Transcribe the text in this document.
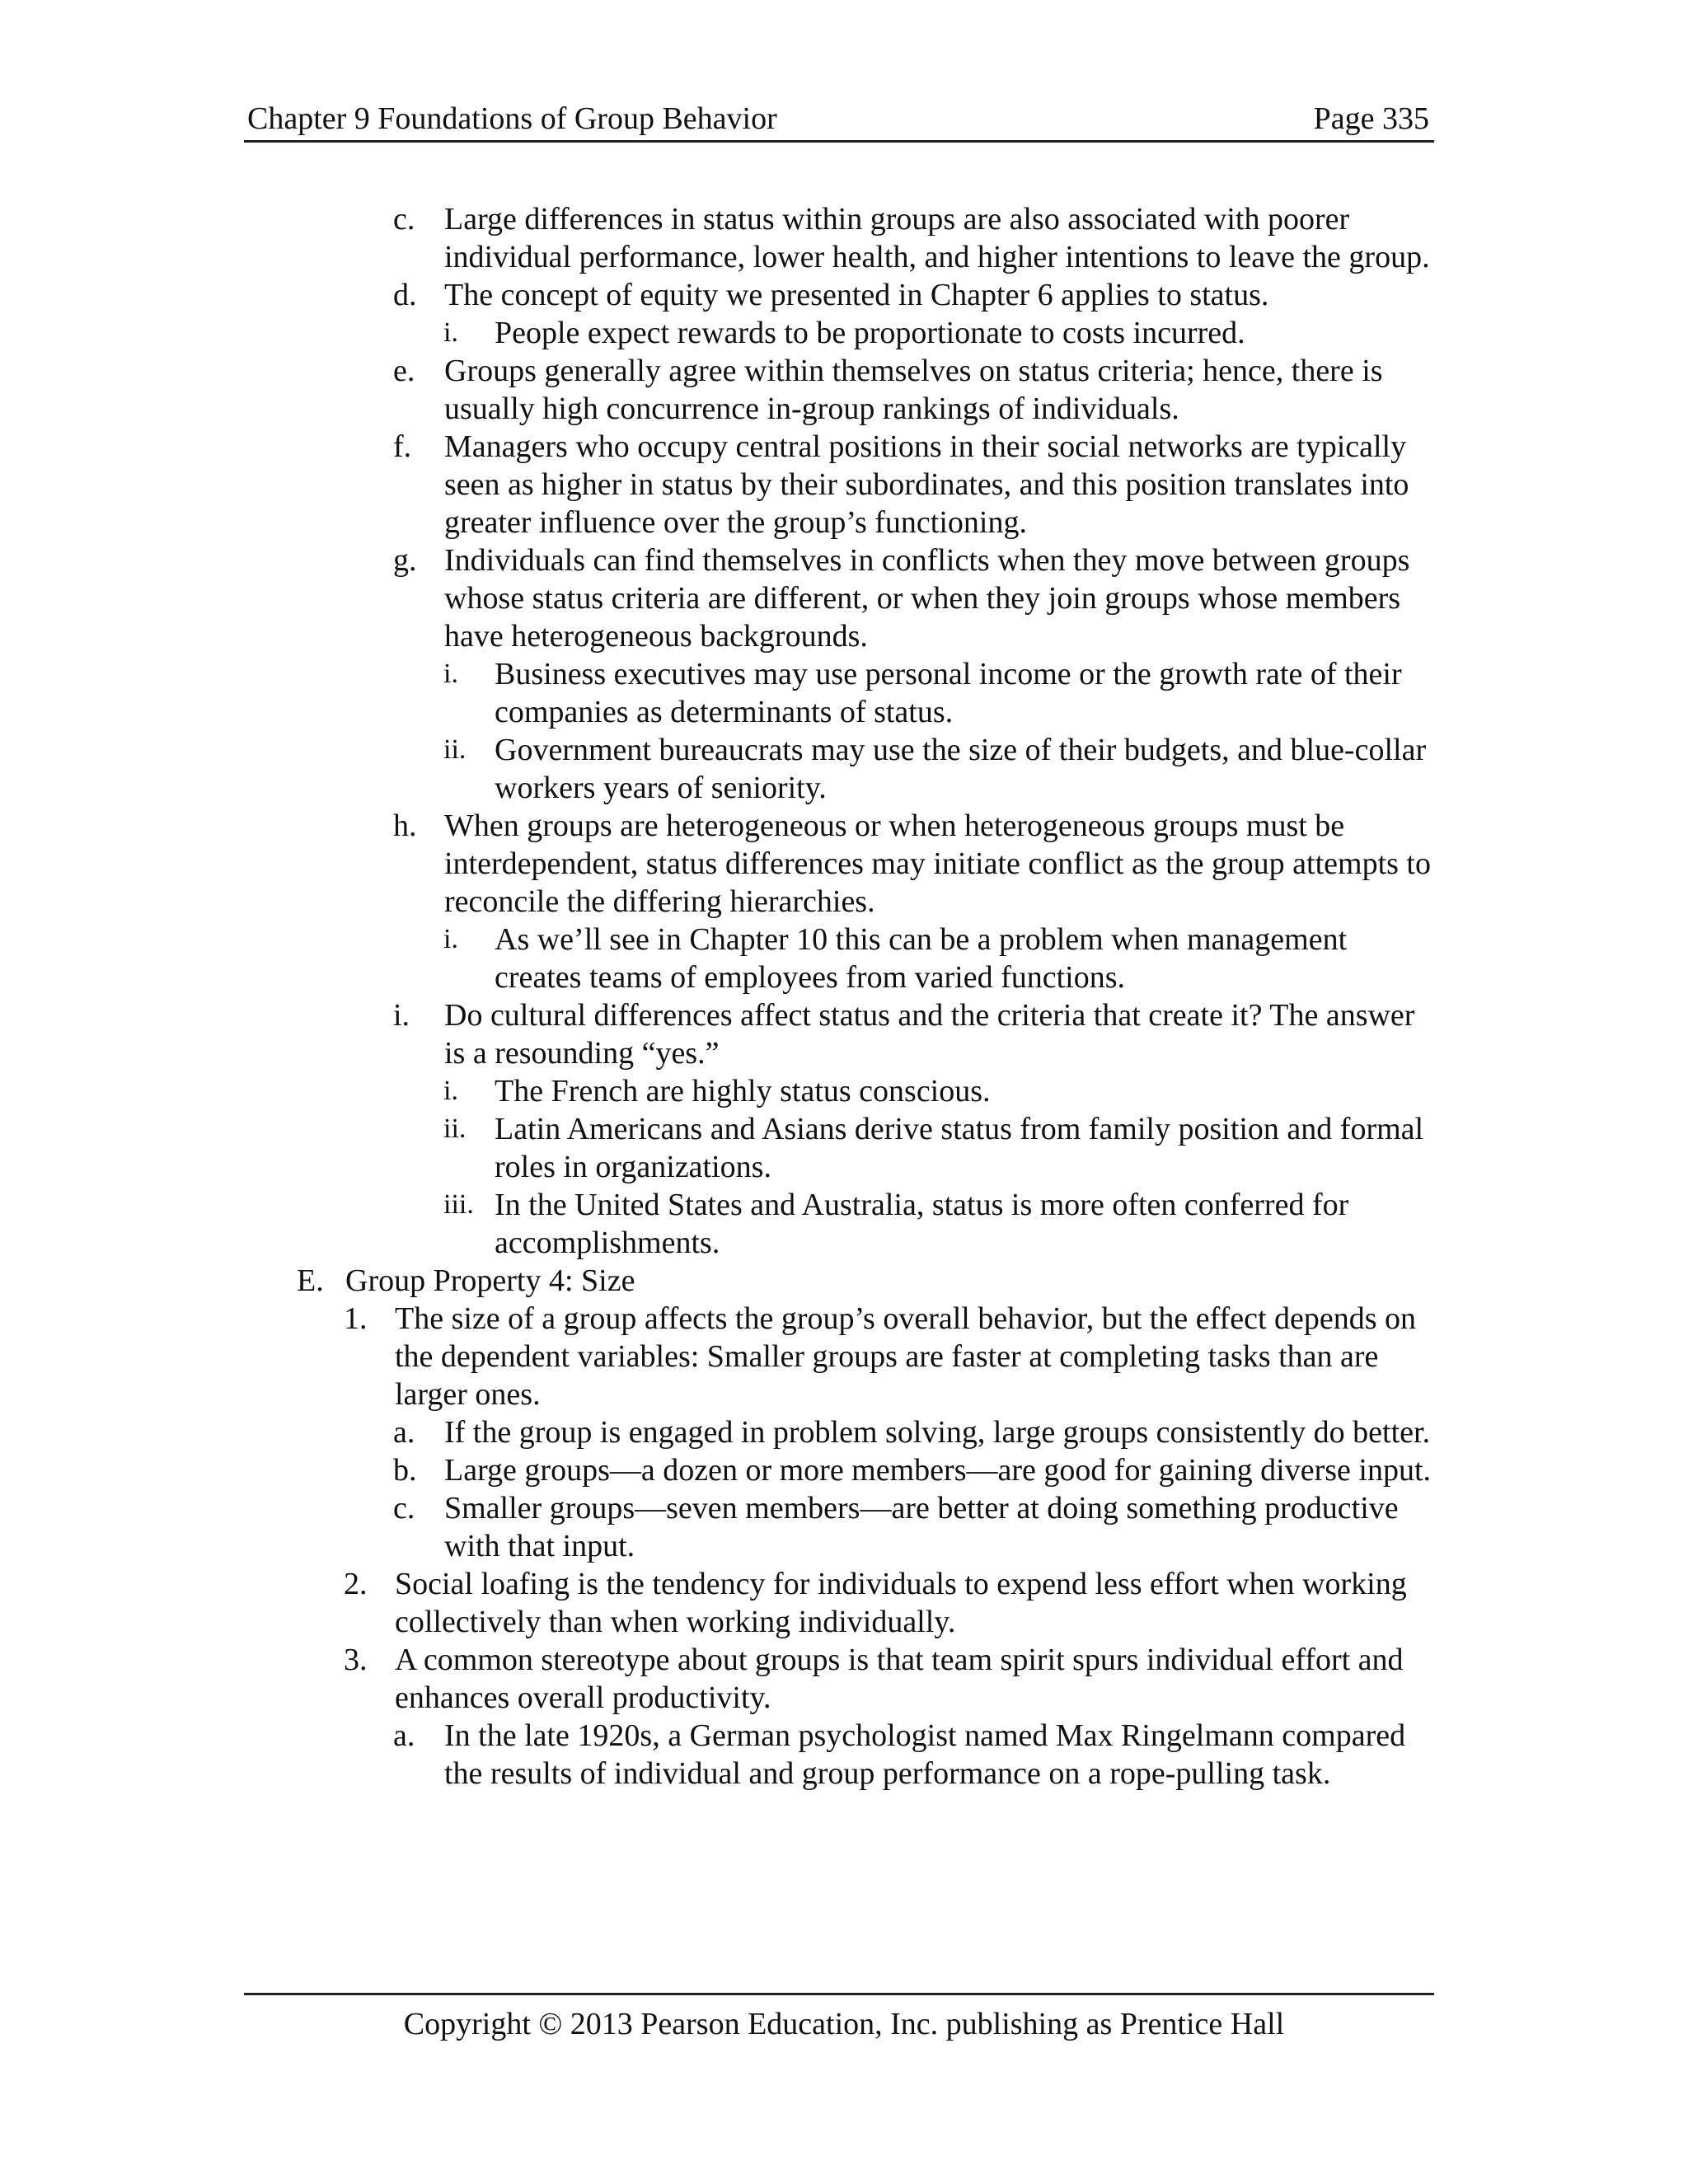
Chapter 9 Foundations of Group Behavior	Page 335
c. Large differences in status within groups are also associated with poorer individual performance, lower health, and higher intentions to leave the group.
d. The concept of equity we presented in Chapter 6 applies to status.
i. People expect rewards to be proportionate to costs incurred.
e. Groups generally agree within themselves on status criteria; hence, there is usually high concurrence in-group rankings of individuals.
f. Managers who occupy central positions in their social networks are typically seen as higher in status by their subordinates, and this position translates into greater influence over the group’s functioning.
g. Individuals can find themselves in conflicts when they move between groups whose status criteria are different, or when they join groups whose members have heterogeneous backgrounds.
i. Business executives may use personal income or the growth rate of their companies as determinants of status.
ii. Government bureaucrats may use the size of their budgets, and blue-collar workers years of seniority.
h. When groups are heterogeneous or when heterogeneous groups must be interdependent, status differences may initiate conflict as the group attempts to reconcile the differing hierarchies.
i. As we’ll see in Chapter 10 this can be a problem when management creates teams of employees from varied functions.
i. Do cultural differences affect status and the criteria that create it? The answer is a resounding “yes.”
i. The French are highly status conscious.
ii. Latin Americans and Asians derive status from family position and formal roles in organizations.
iii. In the United States and Australia, status is more often conferred for accomplishments.
E. Group Property 4: Size
1. The size of a group affects the group’s overall behavior, but the effect depends on the dependent variables: Smaller groups are faster at completing tasks than are larger ones.
a. If the group is engaged in problem solving, large groups consistently do better.
b. Large groups—a dozen or more members—are good for gaining diverse input.
c. Smaller groups—seven members—are better at doing something productive with that input.
2. Social loafing is the tendency for individuals to expend less effort when working collectively than when working individually.
3. A common stereotype about groups is that team spirit spurs individual effort and enhances overall productivity.
a. In the late 1920s, a German psychologist named Max Ringelmann compared the results of individual and group performance on a rope-pulling task.
Copyright © 2013 Pearson Education, Inc. publishing as Prentice Hall
